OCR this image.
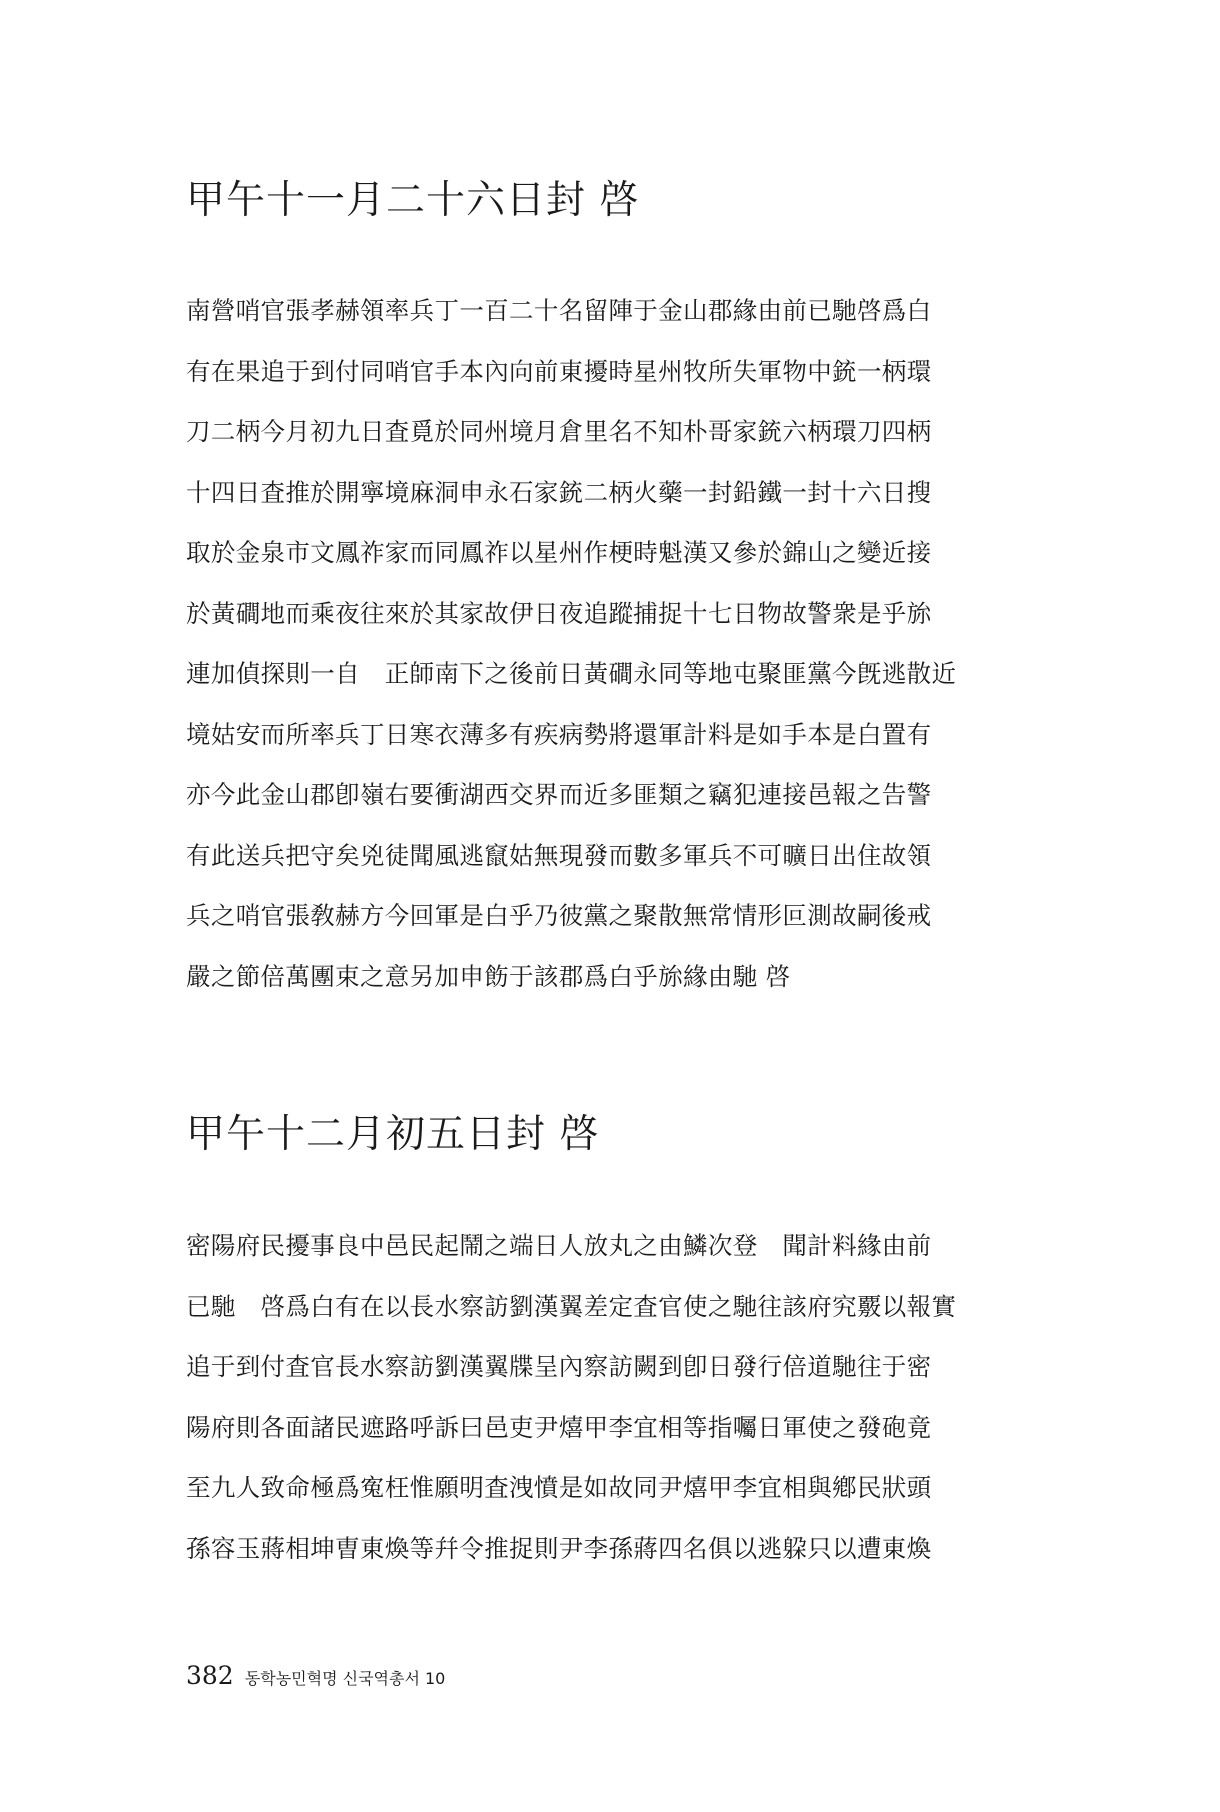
甲午十一月二十六日封 啓
南營哨官張孝赫領率兵丁一百二十名留陣于金山郡緣由前已馳啓爲白
有在果追于到付同哨官手本內向前東擾時星州牧所失軍物中銃一柄環
刀二柄今月初九日査覓於同州境月倉里名不知朴哥家銃六柄環刀四柄
十四日査推於開寧境麻洞申永石家銃二柄火藥一封鉛鐵一封十六日搜
取於金泉市文鳳祚家而同鳳祚以星州作梗時魁漢又參於錦山之變近接
於黃磵地而乘夜往來於其家故伊日夜追蹤捕捉十七日物故警衆是乎旀
連加偵探則一自　正師南下之後前日黃磵永同等地屯聚匪黨今旣逃散近
境姑安而所率兵丁日寒衣薄多有疾病勢將還軍計料是如手本是白置有
亦今此金山郡卽嶺右要衝湖西交界而近多匪類之竊犯連接邑報之告警
有此送兵把守矣兇徒聞風逃竄姑無現發而數多軍兵不可曠日出住故領
兵之哨官張敎赫方今回軍是白乎乃彼黨之聚散無常情形叵測故嗣後戒
嚴之節倍萬團束之意另加申飭于該郡爲白乎旀緣由馳 啓
甲午十二月初五日封 啓
密陽府民擾事良中邑民起鬧之端日人放丸之由鱗次登　聞計料緣由前
已馳　啓爲白有在以長水察訪劉漢翼差定査官使之馳往該府究覈以報實
追于到付査官長水察訪劉漢翼牒呈內察訪闕到卽日發行倍道馳往于密
陽府則各面諸民遮路呼訴曰邑吏尹熺甲李宜相等指囑日軍使之發砲竟
至九人致命極爲寃枉惟願明査洩憤是如故同尹熺甲李宜相與鄕民狀頭
孫容玉蔣相坤曺東煥等幷令推捉則尹李孫蔣四名俱以逃躱只以遭東煥
382 동학농민혁명 신국역총서 10
